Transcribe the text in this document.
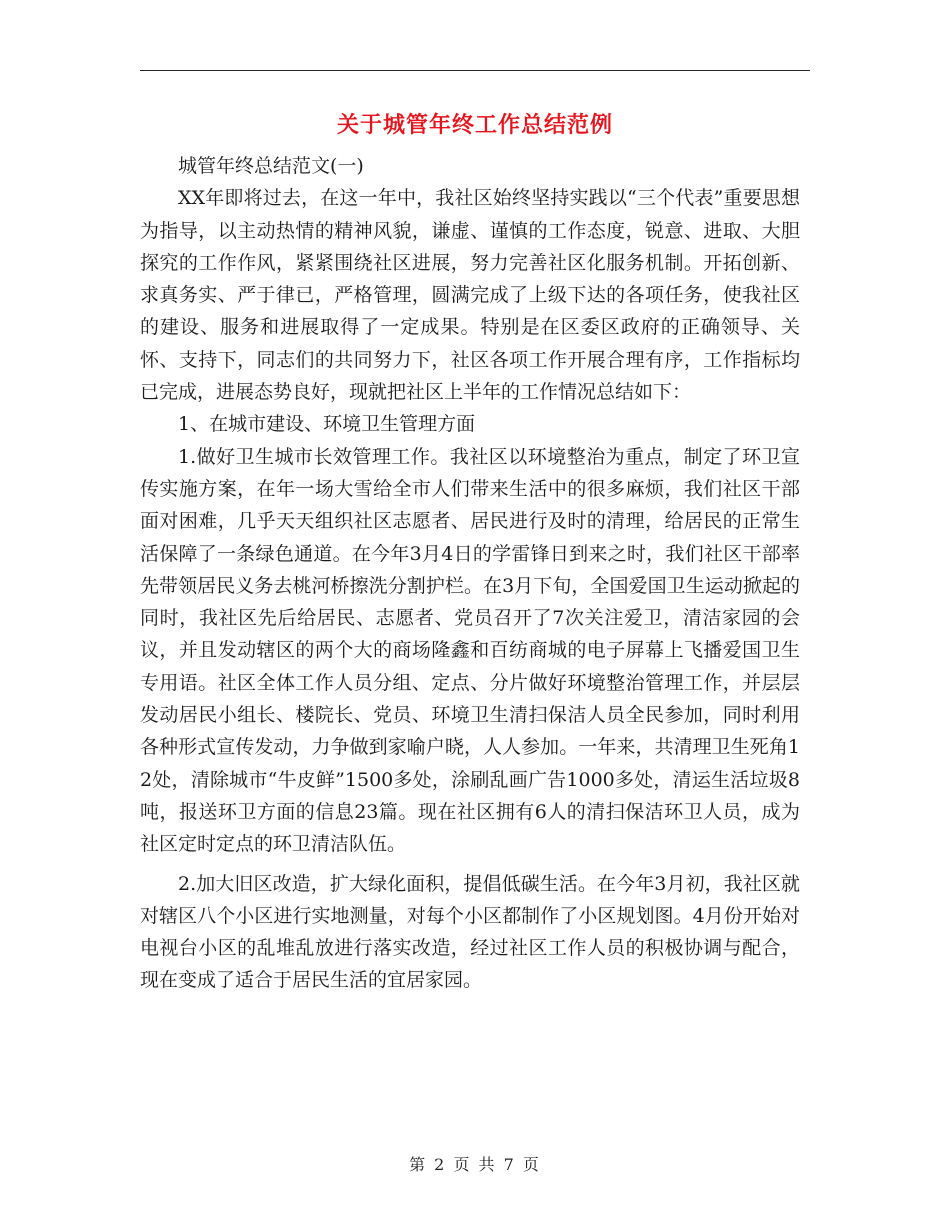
关于城管年终工作总结范例

城管年终总结范文(一)

XX年即将过去，在这一年中，我社区始终坚持实践以“三个代表”重要思想为指导，以主动热情的精神风貌，谦虚、谨慎的工作态度，锐意、进取、大胆探究的工作作风，紧紧围绕社区进展，努力完善社区化服务机制。开拓创新、求真务实、严于律已，严格管理，圆满完成了上级下达的各项任务，使我社区的建设、服务和进展取得了一定成果。特别是在区委区政府的正确领导、关怀、支持下，同志们的共同努力下，社区各项工作开展合理有序，工作指标均已完成，进展态势良好，现就把社区上半年的工作情况总结如下：

1、在城市建设、环境卫生管理方面

1.做好卫生城市长效管理工作。我社区以环境整治为重点，制定了环卫宣传实施方案，在年一场大雪给全市人们带来生活中的很多麻烦，我们社区干部面对困难，几乎天天组织社区志愿者、居民进行及时的清理，给居民的正常生活保障了一条绿色通道。在今年3月4日的学雷锋日到来之时，我们社区干部率先带领居民义务去桃河桥擦洗分割护栏。在3月下旬，全国爱国卫生运动掀起的同时，我社区先后给居民、志愿者、党员召开了7次关注爱卫，清洁家园的会议，并且发动辖区的两个大的商场隆鑫和百纺商城的电子屏幕上飞播爱国卫生专用语。社区全体工作人员分组、定点、分片做好环境整治管理工作，并层层发动居民小组长、楼院长、党员、环境卫生清扫保洁人员全民参加，同时利用各种形式宣传发动，力争做到家喻户晓，人人参加。一年来，共清理卫生死角12处，清除城市“牛皮鲜”1500多处，涂刷乱画广告1000多处，清运生活垃圾8吨，报送环卫方面的信息23篇。现在社区拥有6人的清扫保洁环卫人员，成为社区定时定点的环卫清洁队伍。

2.加大旧区改造，扩大绿化面积，提倡低碳生活。在今年3月初，我社区就对辖区八个小区进行实地测量，对每个小区都制作了小区规划图。4月份开始对电视台小区的乱堆乱放进行落实改造，经过社区工作人员的积极协调与配合，现在变成了适合于居民生活的宜居家园。

第 2 页 共 7 页
